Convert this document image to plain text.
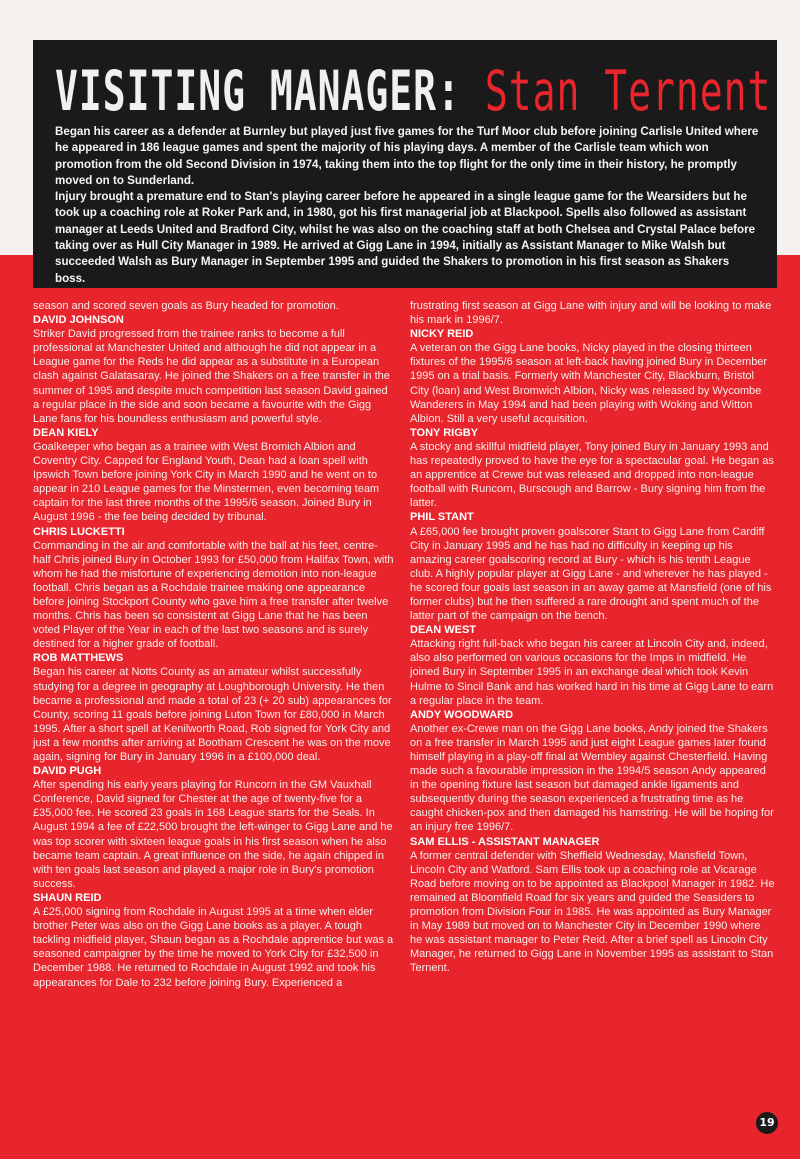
VISITING MANAGER: Stan Ternent

Began his career as a defender at Burnley but played just five games for the Turf Moor club before joining Carlisle United where he appeared in 186 league games and spent the majority of his playing days. A member of the Carlisle team which won promotion from the old Second Division in 1974, taking them into the top flight for the only time in their history, he promptly moved on to Sunderland.

Injury brought a premature end to Stan's playing career before he appeared in a single league game for the Wearsiders but he took up a coaching role at Roker Park and, in 1980, got his first managerial job at Blackpool. Spells also followed as assistant manager at Leeds United and Bradford City, whilst he was also on the coaching staff at both Chelsea and Crystal Palace before taking over as Hull City Manager in 1989. He arrived at Gigg Lane in 1994, initially as Assistant Manager to Mike Walsh but succeeded Walsh as Bury Manager in September 1995 and guided the Shakers to promotion in his first season as Shakers boss.

season and scored seven goals as Bury headed for promotion.

DAVID JOHNSON

Striker David progressed from the trainee ranks to become a full professional at Manchester United and although he did not appear in a League game for the Reds he did appear as a substitute in a European clash against Galatasaray. He joined the Shakers on a free transfer in the summer of 1995 and despite much competition last season David gained a regular place in the side and soon became a favourite with the Gigg Lane fans for his boundless enthusiasm and powerful style.

DEAN KIELY

Goalkeeper who began as a trainee with West Bromich Albion and Coventry City. Capped for England Youth, Dean had a loan spell with Ipswich Town before joining York City in March 1990 and he went on to appear in 210 League games for the Minstermen, even becoming team captain for the last three months of the 1995/6 season. Joined Bury in August 1996 - the fee being decided by tribunal.

CHRIS LUCKETTI

Commanding in the air and comfortable with the ball at his feet, centre-half Chris joined Bury in October 1993 for £50,000 from Halifax Town, with whom he had the misfortune of experiencing demotion into non-league football. Chris began as a Rochdale trainee making one appearance before joining Stockport County who gave him a free transfer after twelve months. Chris has been so consistent at Gigg Lane that he has been voted Player of the Year in each of the last two seasons and is surely destined for a higher grade of football.

ROB MATTHEWS

Began his career at Notts County as an amateur whilst successfully studying for a degree in geography at Loughborough University. He then became a professional and made a total of 23 (+ 20 sub) appearances for County, scoring 11 goals before joining Luton Town for £80,000 in March 1995. After a short spell at Kenilworth Road, Rob signed for York City and just a few months after arriving at Bootham Crescent he was on the move again, signing for Bury in January 1996 in a £100,000 deal.

DAVID PUGH

After spending his early years playing for Runcorn in the GM Vauxhall Conference, David signed for Chester at the age of twenty-five for a £35,000 fee. He scored 23 goals in 168 League starts for the Seals. In August 1994 a fee of £22,500 brought the left-winger to Gigg Lane and he was top scorer with sixteen league goals in his first season when he also became team captain. A great influence on the side, he again chipped in with ten goals last season and played a major role in Bury's promotion success.

SHAUN REID

A £25,000 signing from Rochdale in August 1995 at a time when elder brother Peter was also on the Gigg Lane books as a player. A tough tackling midfield player, Shaun began as a Rochdale apprentice but was a seasoned campaigner by the time he moved to York City for £32,500 in December 1988. He returned to Rochdale in August 1992 and took his appearances for Dale to 232 before joining Bury. Experienced a

frustrating first season at Gigg Lane with injury and will be looking to make his mark in 1996/7.

NICKY REID

A veteran on the Gigg Lane books, Nicky played in the closing thirteen fixtures of the 1995/6 season at left-back having joined Bury in December 1995 on a trial basis. Formerly with Manchester City, Blackburn, Bristol City (loan) and West Bromwich Albion, Nicky was released by Wycombe Wanderers in May 1994 and had been playing with Woking and Witton Albion. Still a very useful acquisition.

TONY RIGBY

A stocky and skillful midfield player, Tony joined Bury in January 1993 and has repeatedly proved to have the eye for a spectacular goal. He began as an apprentice at Crewe but was released and dropped into non-league football with Runcorn, Burscough and Barrow - Bury signing him from the latter.

PHIL STANT

A £65,000 fee brought proven goalscorer Stant to Gigg Lane from Cardiff City in January 1995 and he has had no difficulty in keeping up his amazing career goalscoring record at Bury - which is his tenth League club. A highly popular player at Gigg Lane - and wherever he has played - he scored four goals last season in an away game at Mansfield (one of his former clubs) but he then suffered a rare drought and spent much of the latter part of the campaign on the bench.

DEAN WEST

Attacking right full-back who began his career at Lincoln City and, indeed, also also performed on various occasions for the Imps in midfield. He joined Bury in September 1995 in an exchange deal which took Kevin Hulme to Sincil Bank and has worked hard in his time at Gigg Lane to earn a regular place in the team.

ANDY WOODWARD

Another ex-Crewe man on the Gigg Lane books, Andy joined the Shakers on a free transfer in March 1995 and just eight League games later found himself playing in a play-off final at Wembley against Chesterfield. Having made such a favourable impression in the 1994/5 season Andy appeared in the opening fixture last season but damaged ankle ligaments and subsequently during the season experienced a frustrating time as he caught chicken-pox and then damaged his hamstring. He will be hoping for an injury free 1996/7.

SAM ELLIS - ASSISTANT MANAGER

A former central defender with Sheffield Wednesday, Mansfield Town, Lincoln City and Watford. Sam Ellis took up a coaching role at Vicarage Road before moving on to be appointed as Blackpool Manager in 1982. He remained at Bloomfield Road for six years and guided the Seasiders to promotion from Division Four in 1985. He was appointed as Bury Manager in May 1989 but moved on to Manchester City in December 1990 where he was assistant manager to Peter Reid. After a brief spell as Lincoln City Manager, he returned to Gigg Lane in November 1995 as assistant to Stan Ternent.

19
